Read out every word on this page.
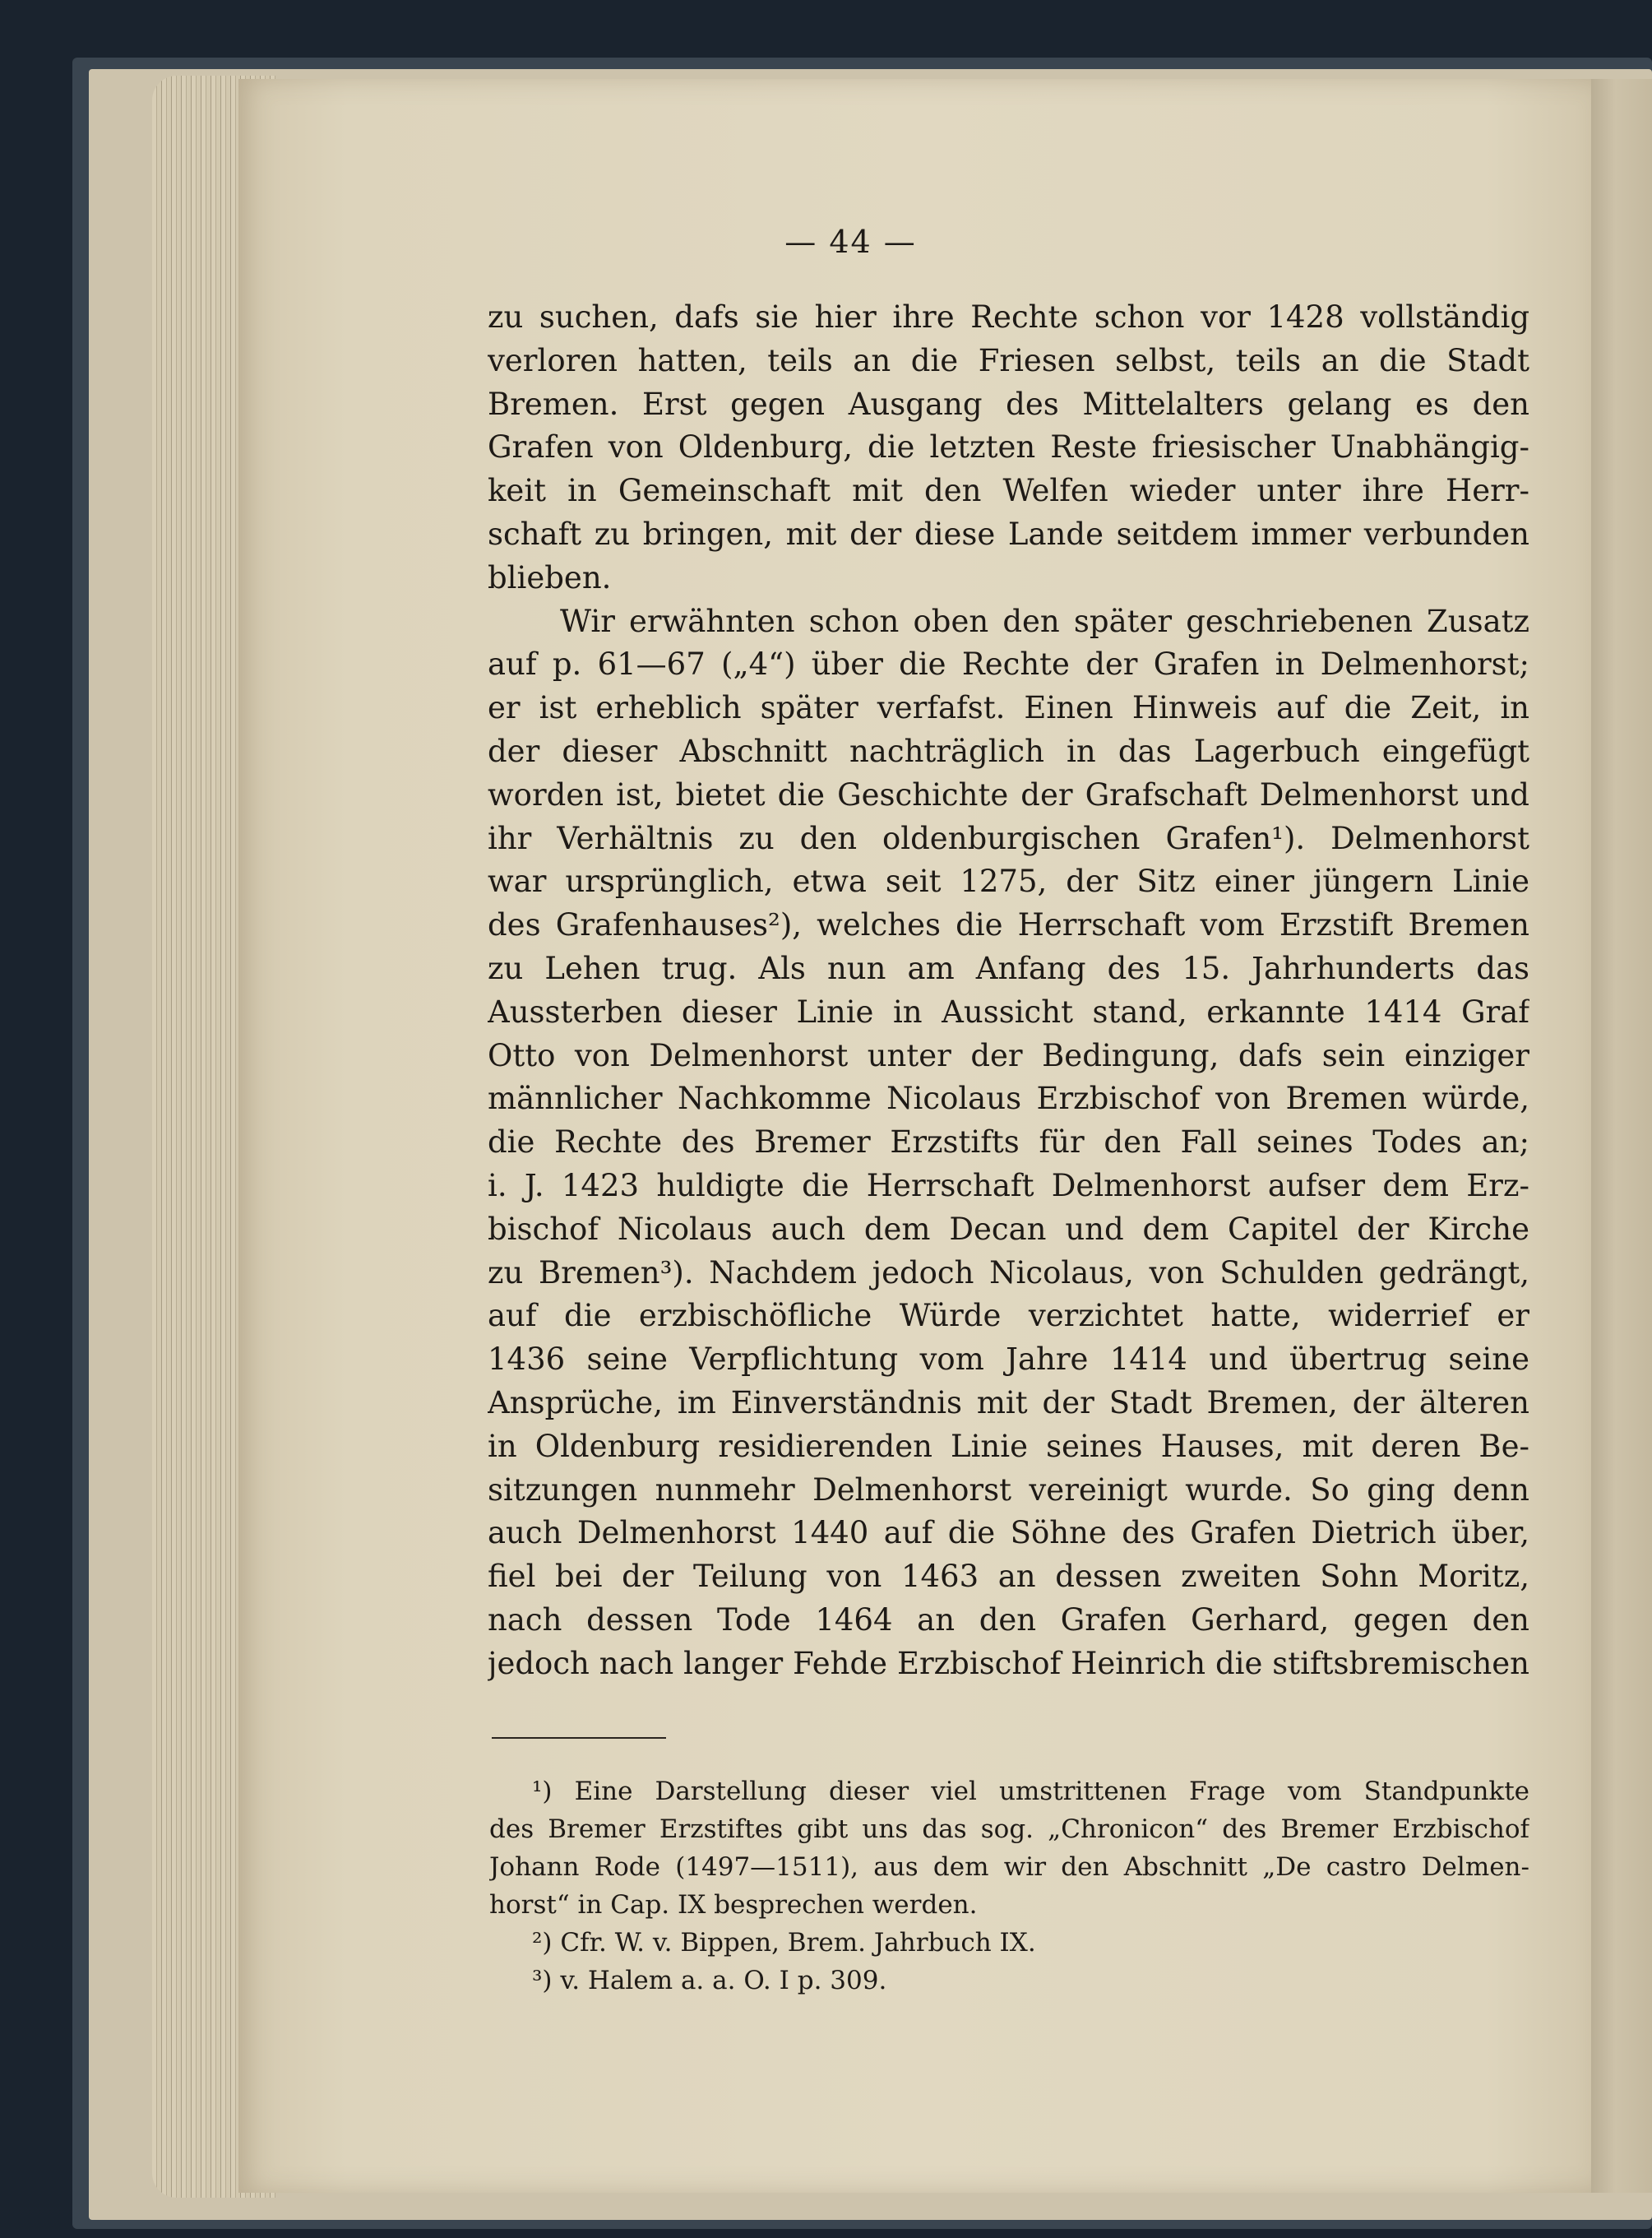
— 44 —
zu suchen, dafs sie hier ihre Rechte schon vor 1428 vollständig
verloren hatten, teils an die Friesen selbst, teils an die Stadt
Bremen. Erst gegen Ausgang des Mittelalters gelang es den
Grafen von Oldenburg, die letzten Reste friesischer Unabhängig-
keit in Gemeinschaft mit den Welfen wieder unter ihre Herr-
schaft zu bringen, mit der diese Lande seitdem immer verbunden
blieben.
Wir erwähnten schon oben den später geschriebenen Zusatz
auf p. 61—67 („4“) über die Rechte der Grafen in Delmenhorst;
er ist erheblich später verfafst. Einen Hinweis auf die Zeit, in
der dieser Abschnitt nachträglich in das Lagerbuch eingefügt
worden ist, bietet die Geschichte der Grafschaft Delmenhorst und
ihr Verhältnis zu den oldenburgischen Grafen¹). Delmenhorst
war ursprünglich, etwa seit 1275, der Sitz einer jüngern Linie
des Grafenhauses²), welches die Herrschaft vom Erzstift Bremen
zu Lehen trug. Als nun am Anfang des 15. Jahrhunderts das
Aussterben dieser Linie in Aussicht stand, erkannte 1414 Graf
Otto von Delmenhorst unter der Bedingung, dafs sein einziger
männlicher Nachkomme Nicolaus Erzbischof von Bremen würde,
die Rechte des Bremer Erzstifts für den Fall seines Todes an;
i. J. 1423 huldigte die Herrschaft Delmenhorst aufser dem Erz-
bischof Nicolaus auch dem Decan und dem Capitel der Kirche
zu Bremen³). Nachdem jedoch Nicolaus, von Schulden gedrängt,
auf die erzbischöfliche Würde verzichtet hatte, widerrief er
1436 seine Verpflichtung vom Jahre 1414 und übertrug seine
Ansprüche, im Einverständnis mit der Stadt Bremen, der älteren
in Oldenburg residierenden Linie seines Hauses, mit deren Be-
sitzungen nunmehr Delmenhorst vereinigt wurde. So ging denn
auch Delmenhorst 1440 auf die Söhne des Grafen Dietrich über,
fiel bei der Teilung von 1463 an dessen zweiten Sohn Moritz,
nach dessen Tode 1464 an den Grafen Gerhard, gegen den
jedoch nach langer Fehde Erzbischof Heinrich die stiftsbremischen
¹) Eine Darstellung dieser viel umstrittenen Frage vom Standpunkte
des Bremer Erzstiftes gibt uns das sog. „Chronicon“ des Bremer Erzbischof
Johann Rode (1497—1511), aus dem wir den Abschnitt „De castro Delmen-
horst“ in Cap. IX besprechen werden.
²) Cfr. W. v. Bippen, Brem. Jahrbuch IX.
³) v. Halem a. a. O. I p. 309.
